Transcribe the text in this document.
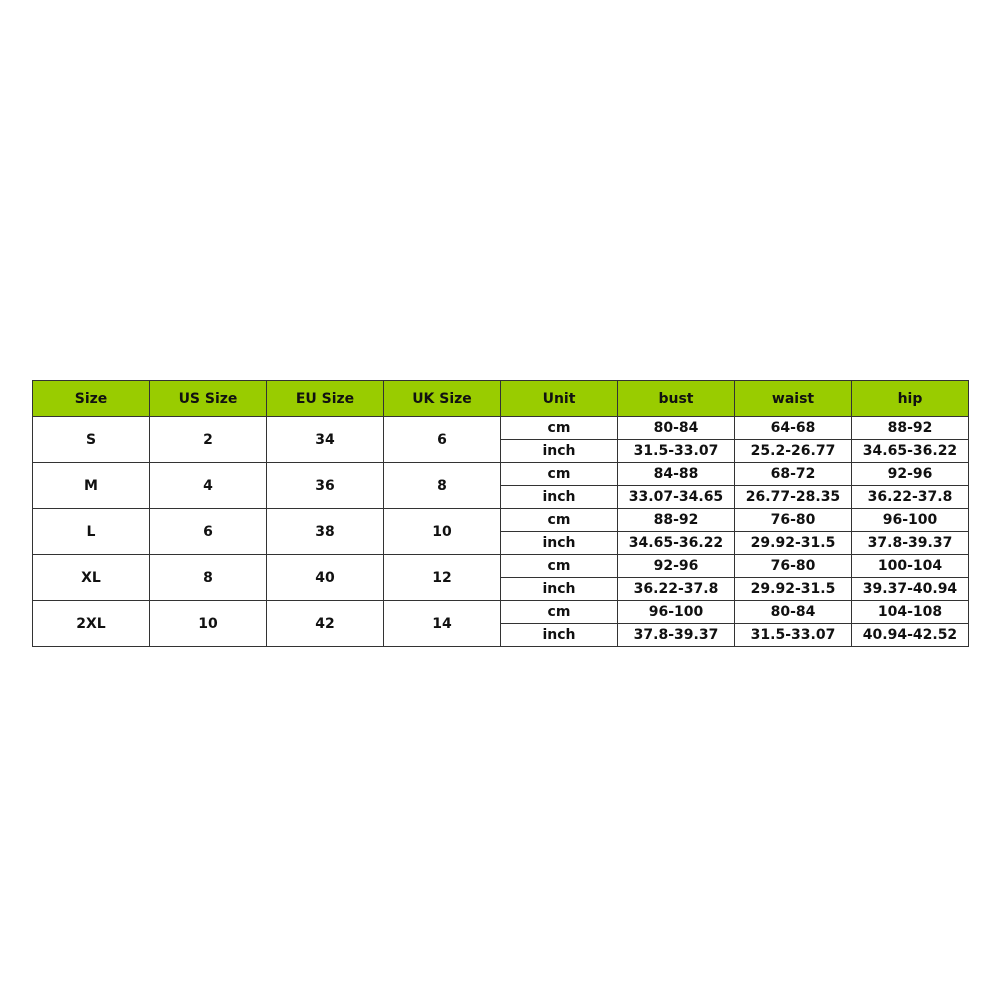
Size	US Size	EU Size	UK Size	Unit	bust	waist	hip
S	2	34	6	cm	80-84	64-68	88-92
				inch	31.5-33.07	25.2-26.77	34.65-36.22
M	4	36	8	cm	84-88	68-72	92-96
				inch	33.07-34.65	26.77-28.35	36.22-37.8
L	6	38	10	cm	88-92	76-80	96-100
				inch	34.65-36.22	29.92-31.5	37.8-39.37
XL	8	40	12	cm	92-96	76-80	100-104
				inch	36.22-37.8	29.92-31.5	39.37-40.94
2XL	10	42	14	cm	96-100	80-84	104-108
				inch	37.8-39.37	31.5-33.07	40.94-42.52
